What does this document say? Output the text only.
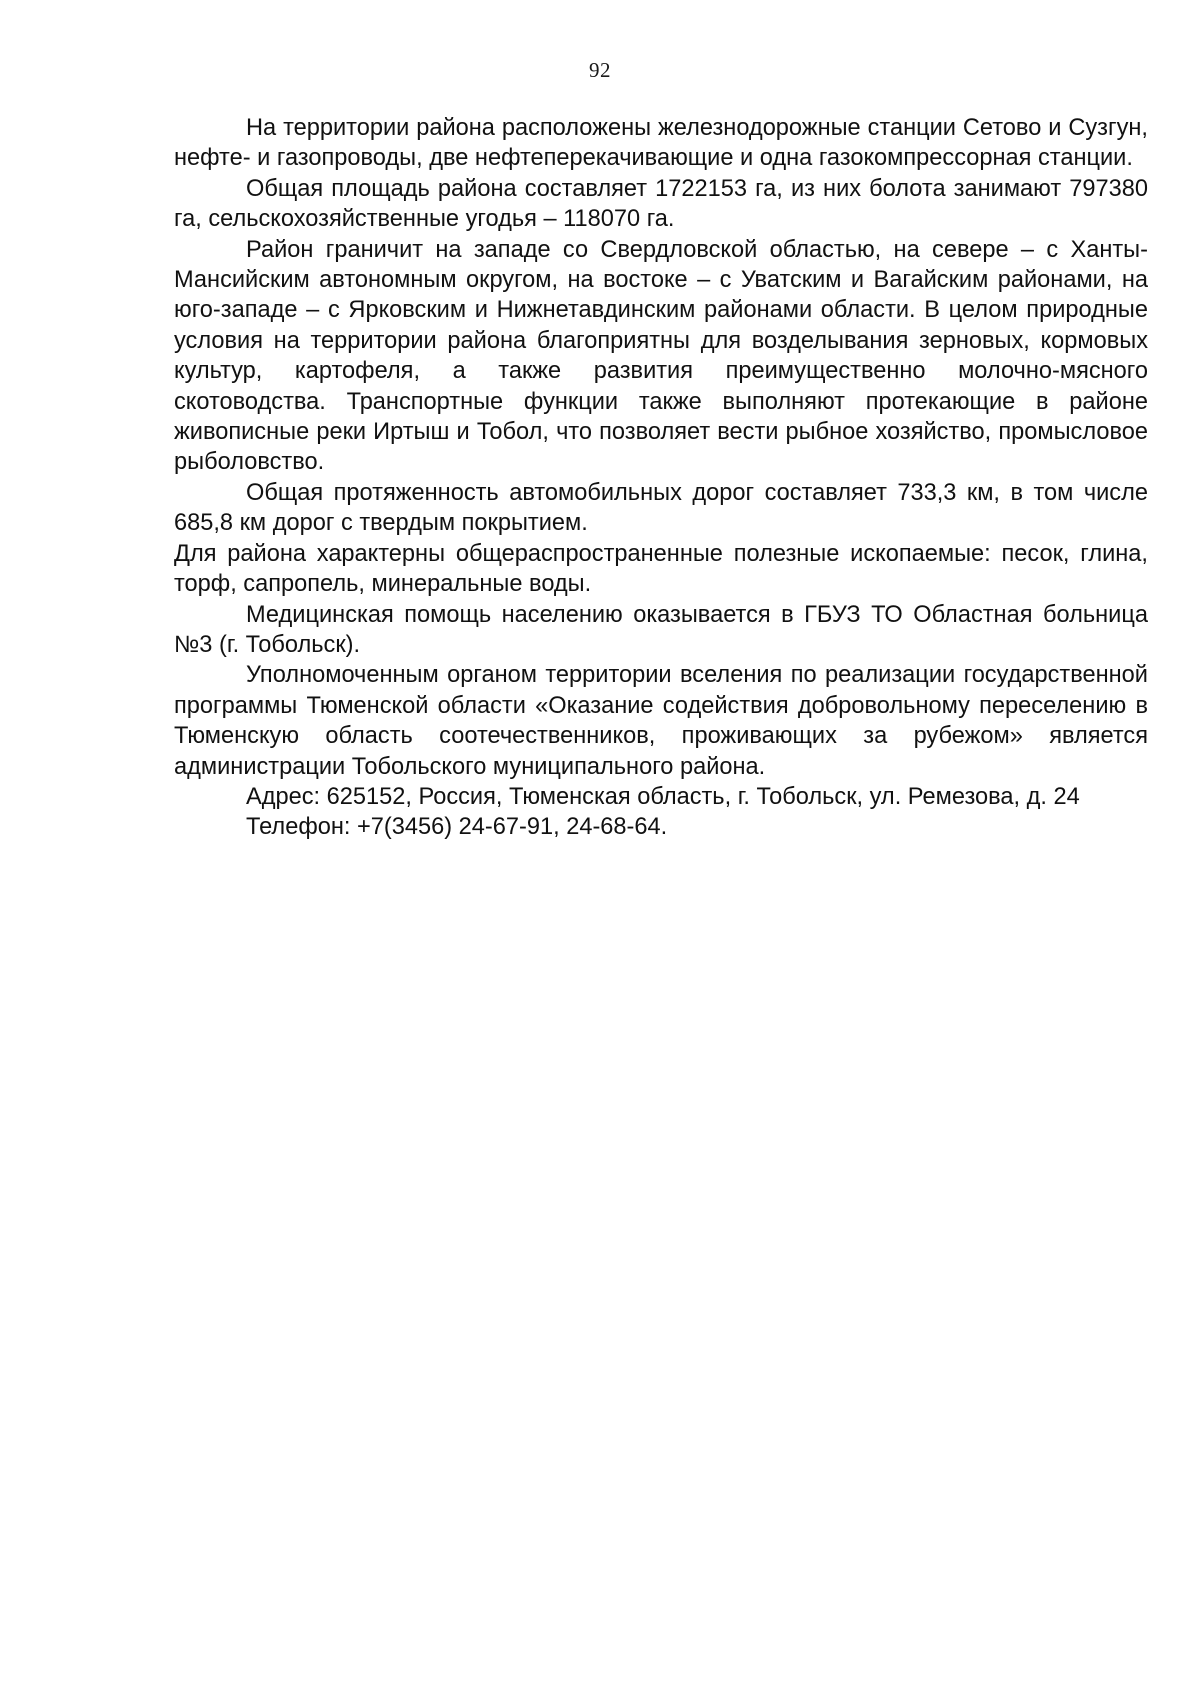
92

На территории района расположены железнодорожные станции Сетово и Сузгун, нефте- и газопроводы, две нефтеперекачивающие и одна газокомпрессорная станции.

Общая площадь района составляет 1722153 га, из них болота занимают 797380 га, сельскохозяйственные угодья – 118070 га.

Район граничит на западе со Свердловской областью, на севере – с Ханты-Мансийским автономным округом, на востоке – с Уватским и Вагайским районами, на юго-западе – с Ярковским и Нижнетавдинским районами области. В целом природные условия на территории района благоприятны для возделывания зерновых, кормовых культур, картофеля, а также развития преимущественно молочно-мясного скотоводства. Транспортные функции также выполняют протекающие в районе живописные реки Иртыш и Тобол, что позволяет вести рыбное хозяйство, промысловое рыболовство.

Общая протяженность автомобильных дорог составляет 733,3 км, в том числе 685,8 км дорог с твердым покрытием.

Для района характерны общераспространенные полезные ископаемые: песок, глина, торф, сапропель, минеральные воды.

Медицинская помощь населению оказывается в ГБУЗ ТО Областная больница №3 (г. Тобольск).

Уполномоченным органом территории вселения по реализации государственной программы Тюменской области «Оказание содействия добровольному переселению в Тюменскую область соотечественников, проживающих за рубежом» является администрации Тобольского муниципального района.

Адрес: 625152, Россия, Тюменская область, г. Тобольск, ул. Ремезова, д. 24

Телефон: +7(3456) 24-67-91, 24-68-64.
